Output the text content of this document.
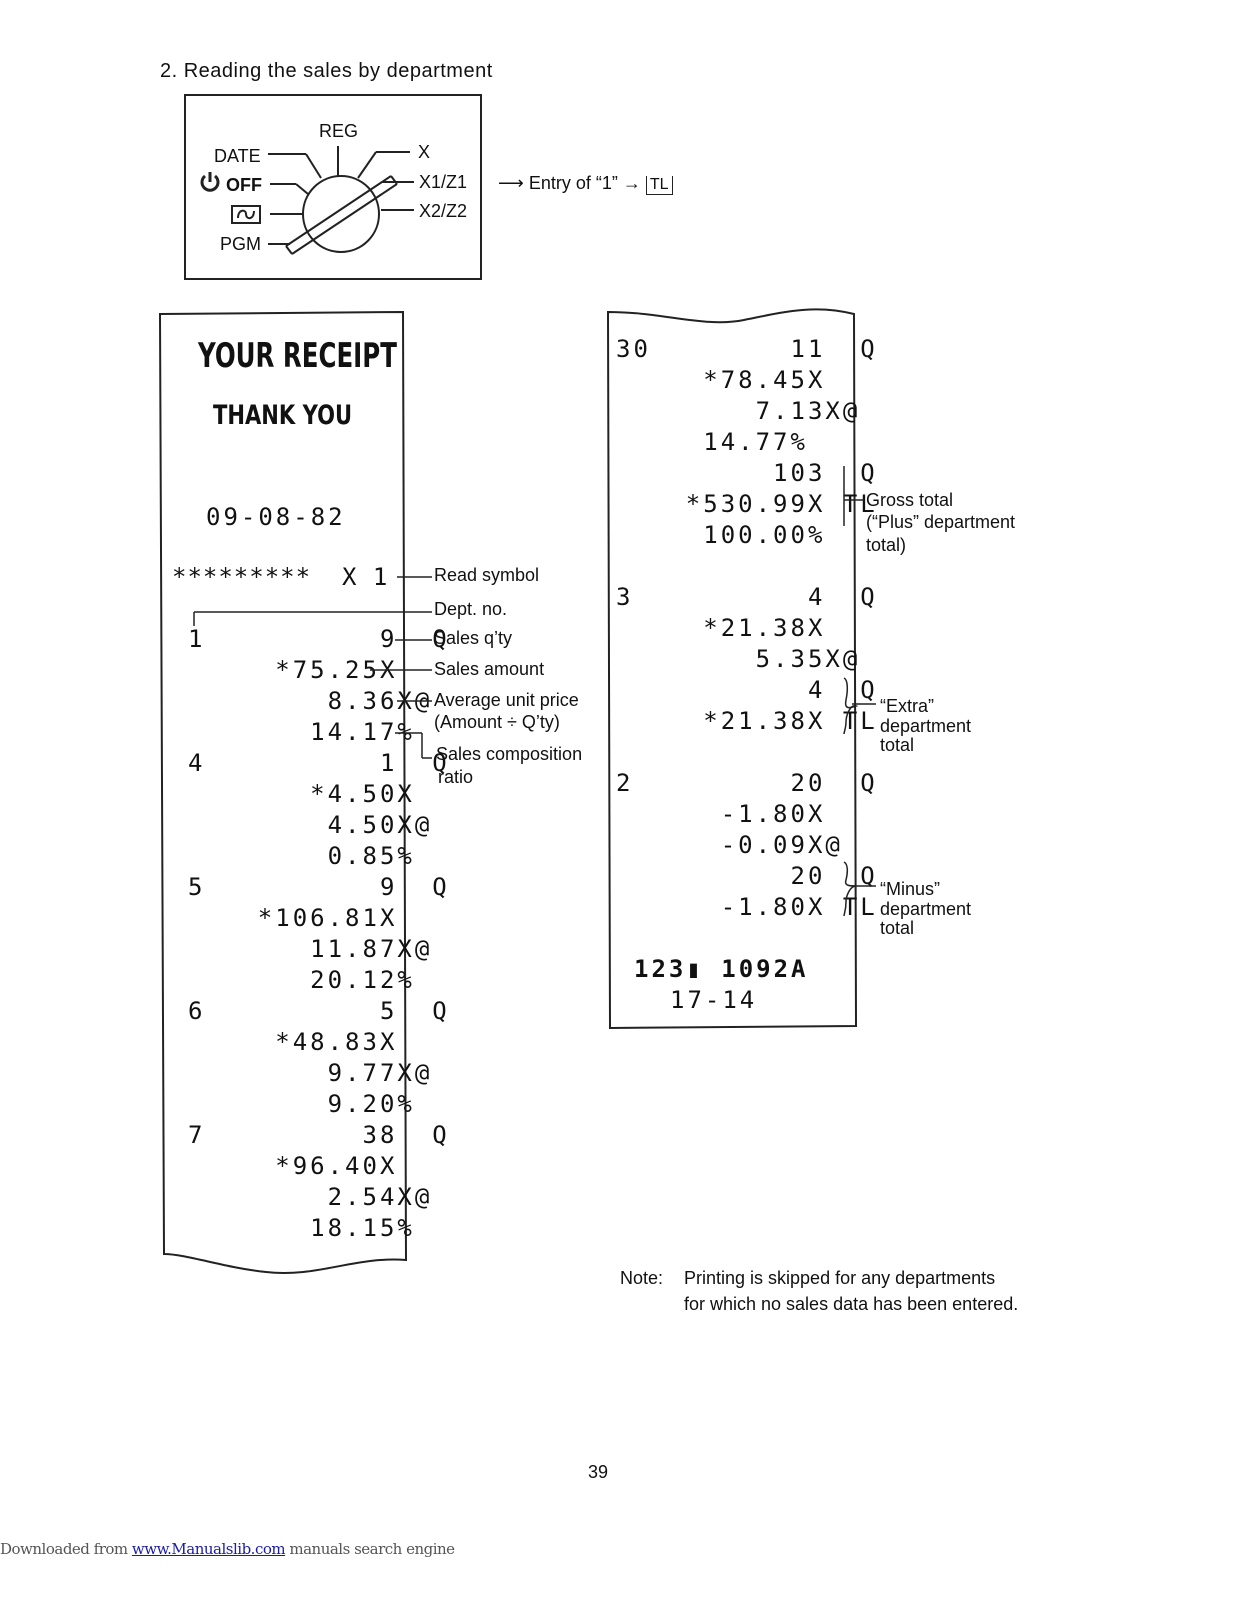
2. Reading the sales by department
REG
DATE
OFF
PGM
X
X1/Z1
X2/Z2
⟶ Entry of “1” → TL
YOUR RECEIPT
THANK YOU
09-08-82
*********  X 1
1          9  Q
*75.25X
8.36X@
14.17%
4          1  Q
*4.50X
4.50X@
0.85%
5          9  Q
*106.81X
11.87X@
20.12%
6          5  Q
*48.83X
9.77X@
9.20%
7         38  Q
*96.40X
2.54X@
18.15%
Read symbol
Dept. no.
Sales q’ty
Sales amount
Average unit price
(Amount ÷ Q’ty)
Sales composition
ratio
30        11  Q
*78.45X
7.13X@
14.77%
103  Q
*530.99X TL
100.00%
3          4  Q
*21.38X
5.35X@
4  Q
*21.38X TL
2         20  Q
-1.80X
-0.09X@
20  Q
-1.80X TL
123▮ 1092A
17-14
Gross total
(“Plus” department
total)
“Extra”
department
total
“Minus”
department
total
Note: Printing is skipped for any departments
for which no sales data has been entered.
39
Downloaded from www.Manualslib.com manuals search engine
